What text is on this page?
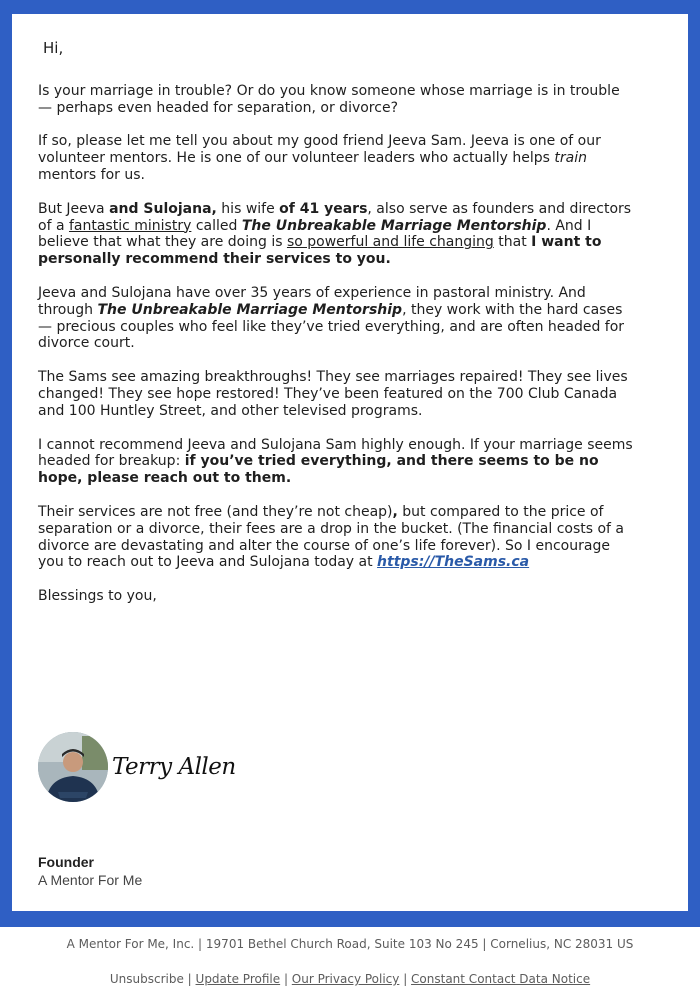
Hi,

Is your marriage in trouble? Or do you know someone whose marriage is in trouble — perhaps even headed for separation, or divorce?

If so, please let me tell you about my good friend Jeeva Sam. Jeeva is one of our volunteer mentors. He is one of our volunteer leaders who actually helps train mentors for us.

But Jeeva and Sulojana, his wife of 41 years, also serve as founders and directors of a fantastic ministry called The Unbreakable Marriage Mentorship. And I believe that what they are doing is so powerful and life changing that I want to personally recommend their services to you.

Jeeva and Sulojana have over 35 years of experience in pastoral ministry. And through The Unbreakable Marriage Mentorship, they work with the hard cases — precious couples who feel like they’ve tried everything, and are often headed for divorce court.

The Sams see amazing breakthroughs! They see marriages repaired! They see lives changed! They see hope restored! They’ve been featured on the 700 Club Canada and 100 Huntley Street, and other televised programs.

I cannot recommend Jeeva and Sulojana Sam highly enough. If your marriage seems headed for breakup: if you’ve tried everything, and there seems to be no hope, please reach out to them.

Their services are not free (and they’re not cheap), but compared to the price of separation or a divorce, their fees are a drop in the bucket. (The financial costs of a divorce are devastating and alter the course of one’s life forever). So I encourage you to reach out to Jeeva and Sulojana today at https://TheSams.ca

Blessings to you,

Terry Allen
Founder
A Mentor For Me
A Mentor For Me, Inc. | 19701 Bethel Church Road, Suite 103 No 245 | Cornelius, NC 28031 US
Unsubscribe | Update Profile | Our Privacy Policy | Constant Contact Data Notice
